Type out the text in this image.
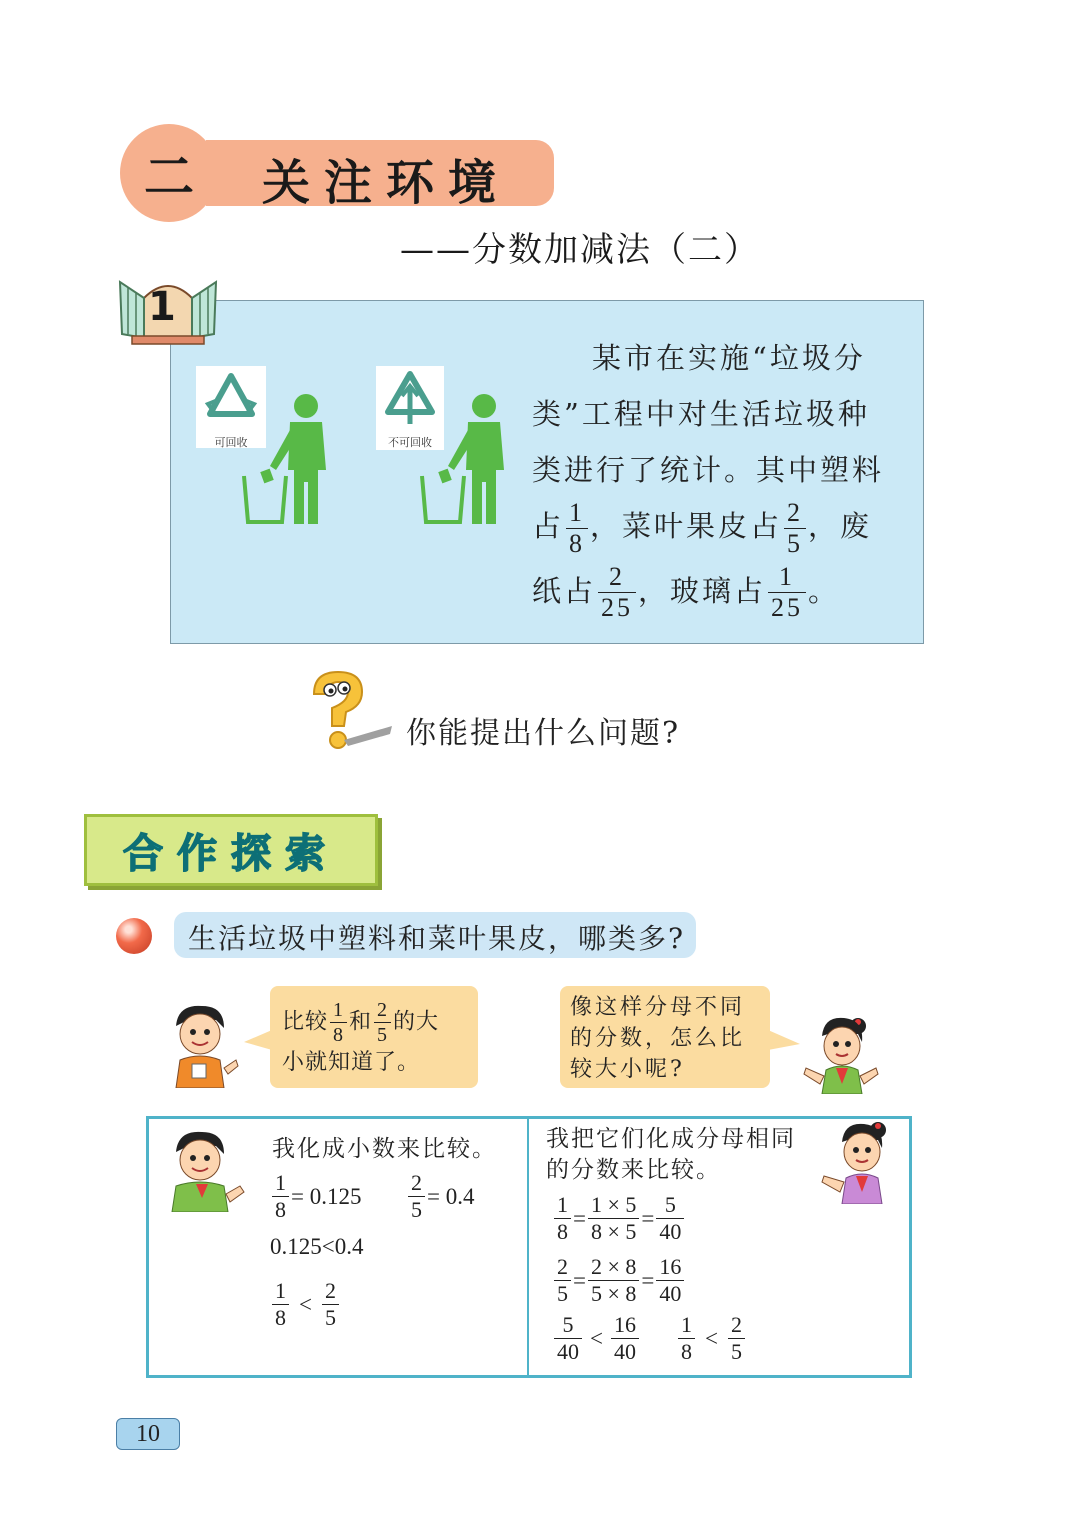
二	关注环境
——分数加减法（二）
1
可回收	不可回收
某市在实施“垃圾分
类”工程中对生活垃圾种
类进行了统计。其中塑料
占 $\frac{1}{8}$ ，菜叶果皮占 $\frac{2}{5}$ ，废
纸占 $\frac{2}{25}$ ，玻璃占 $\frac{1}{25}$ 。
你能提出什么问题?
合作探索
生活垃圾中塑料和菜叶果皮，哪类多?
比较 $\frac{1}{8}$ 和 $\frac{2}{5}$ 的大
小就知道了。
像这样分母不同的分数，怎么比较大小呢?
我化成小数来比较。
$\frac{1}{8} = 0.125 \frac{2}{5} = 0.4$
0.125<0.4
$\frac{1}{8} < \frac{2}{5}$
我把它们化成分母相同的分数来比较。
$\frac{1}{8} = \frac{1 \times 5}{8 \times 5} = \frac{5}{40}$
$\frac{2}{5} = \frac{2 \times 8}{5 \times 8} = \frac{16}{40}$
$\frac{5}{40} < \frac{16}{40} \frac{1}{8} < \frac{2}{5}$
10
